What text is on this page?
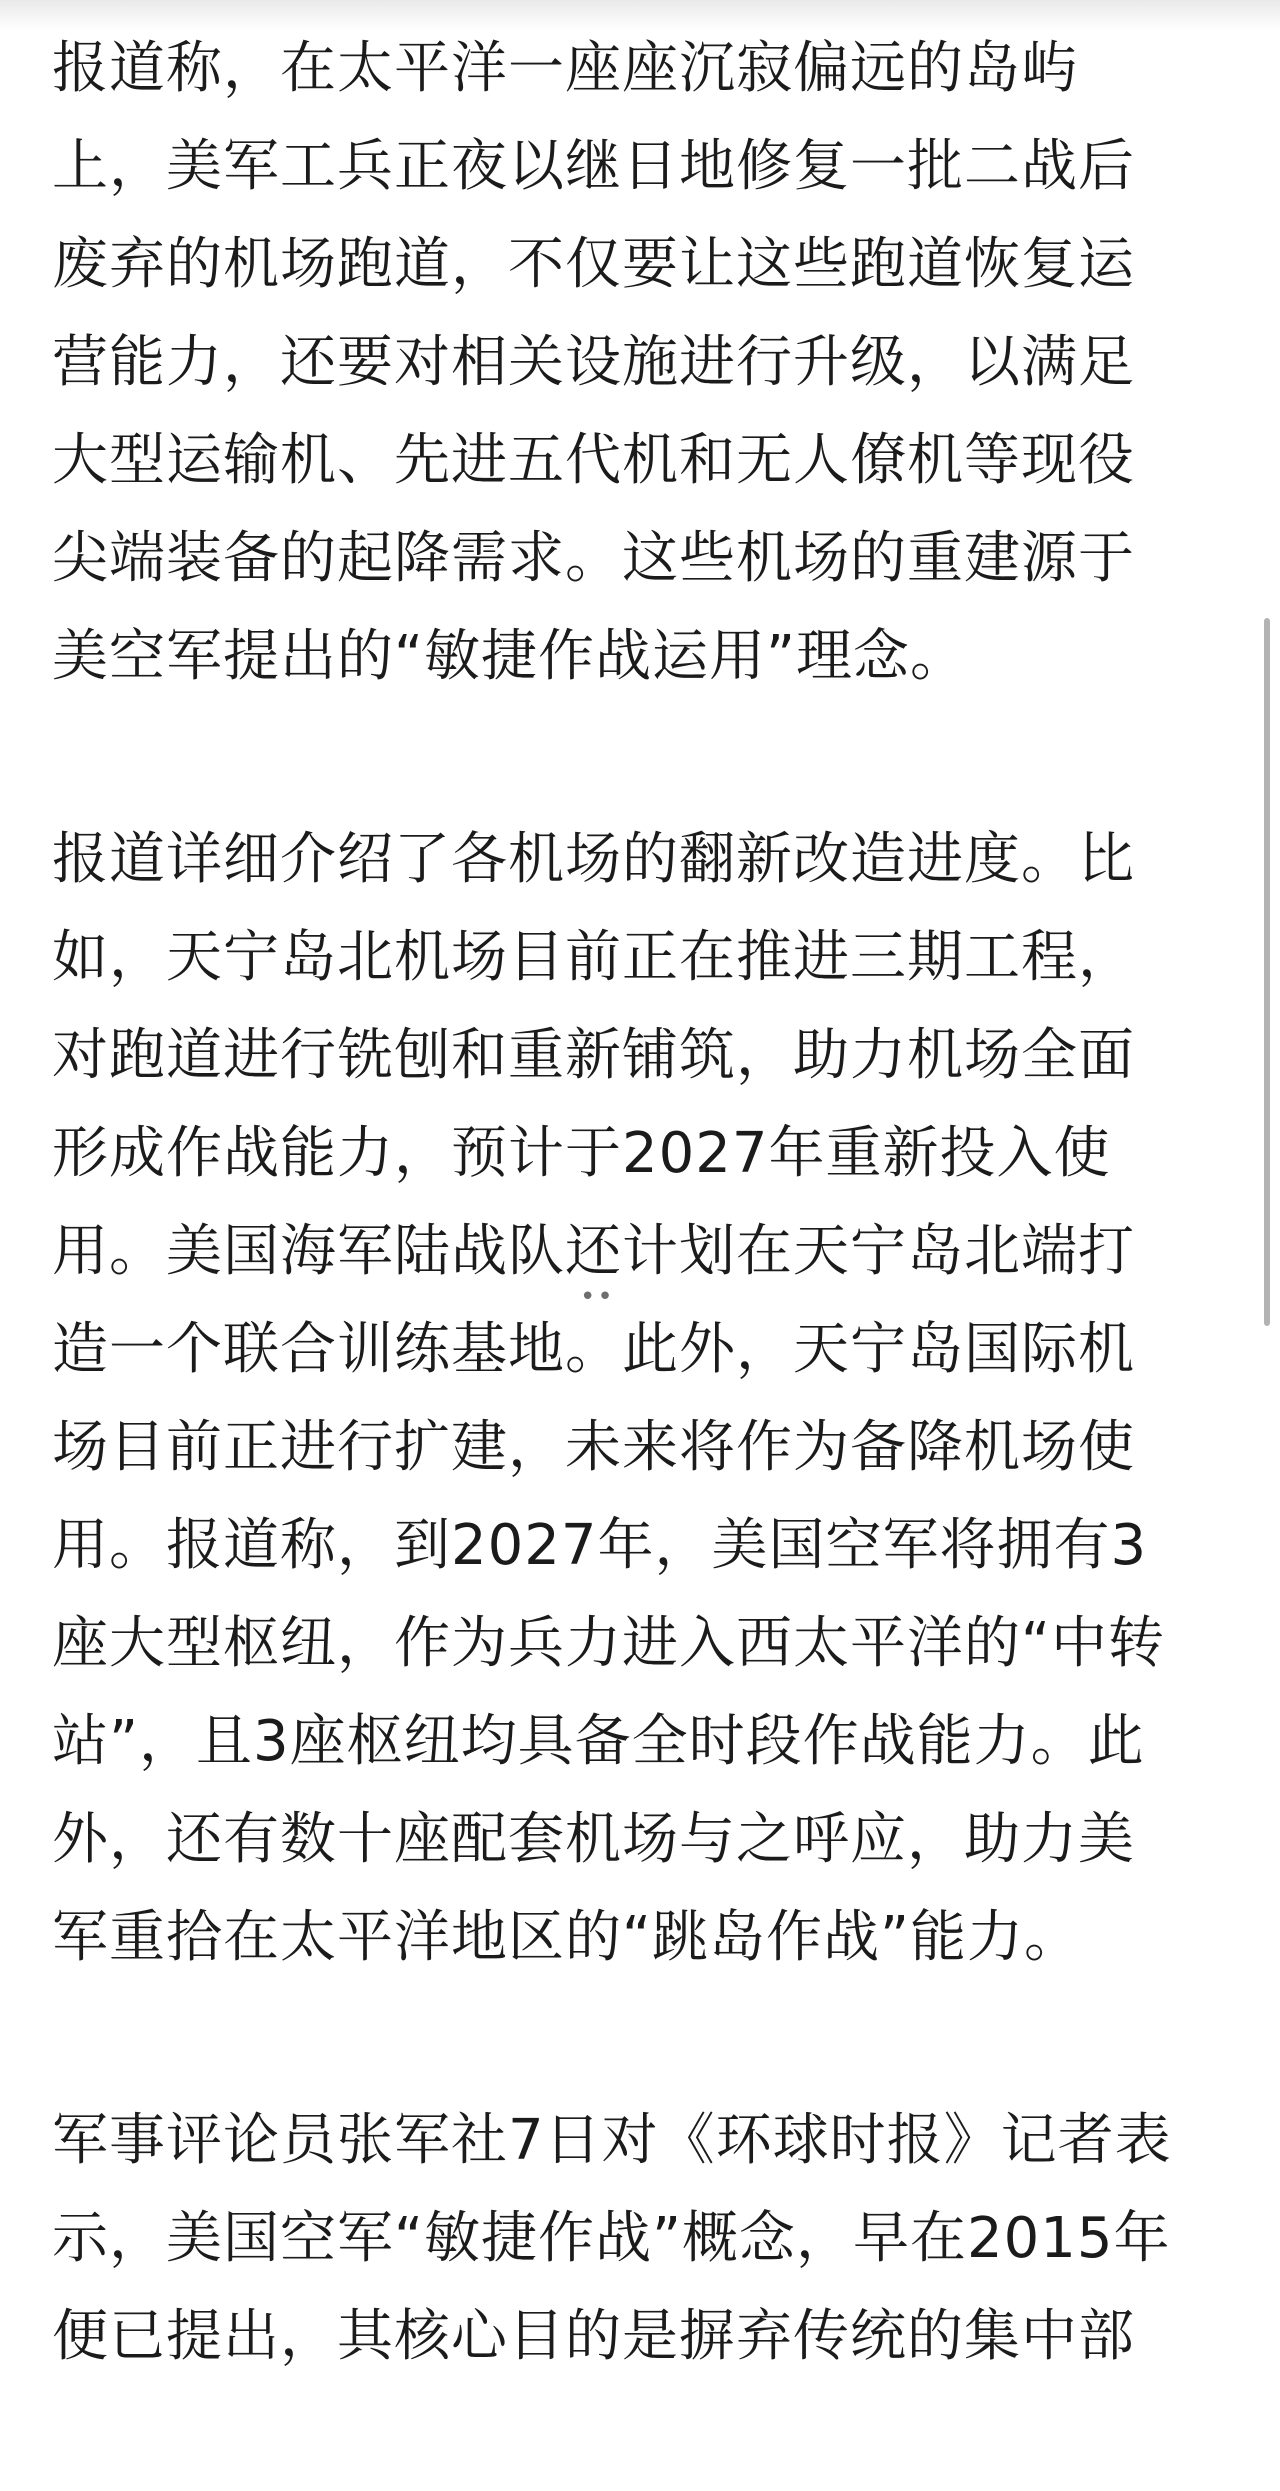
报道称，在太平洋一座座沉寂偏远的岛屿
上，美军工兵正夜以继日地修复一批二战后
废弃的机场跑道，不仅要让这些跑道恢复运
营能力，还要对相关设施进行升级，以满足
大型运输机、先进五代机和无人僚机等现役
尖端装备的起降需求。这些机场的重建源于
美空军提出的“敏捷作战运用”理念。
报道详细介绍了各机场的翻新改造进度。比
如，天宁岛北机场目前正在推进三期工程，
对跑道进行铣刨和重新铺筑，助力机场全面
形成作战能力，预计于2027年重新投入使
用。美国海军陆战队还计划在天宁岛北端打
造一个联合训练基地。此外，天宁岛国际机
场目前正进行扩建，未来将作为备降机场使
用。报道称，到2027年，美国空军将拥有3
座大型枢纽，作为兵力进入西太平洋的“中转
站”，且3座枢纽均具备全时段作战能力。此
外，还有数十座配套机场与之呼应，助力美
军重拾在太平洋地区的“跳岛作战”能力。
军事评论员张军社7日对《环球时报》记者表
示，美国空军“敏捷作战”概念，早在2015年
便已提出，其核心目的是摒弃传统的集中部
••
